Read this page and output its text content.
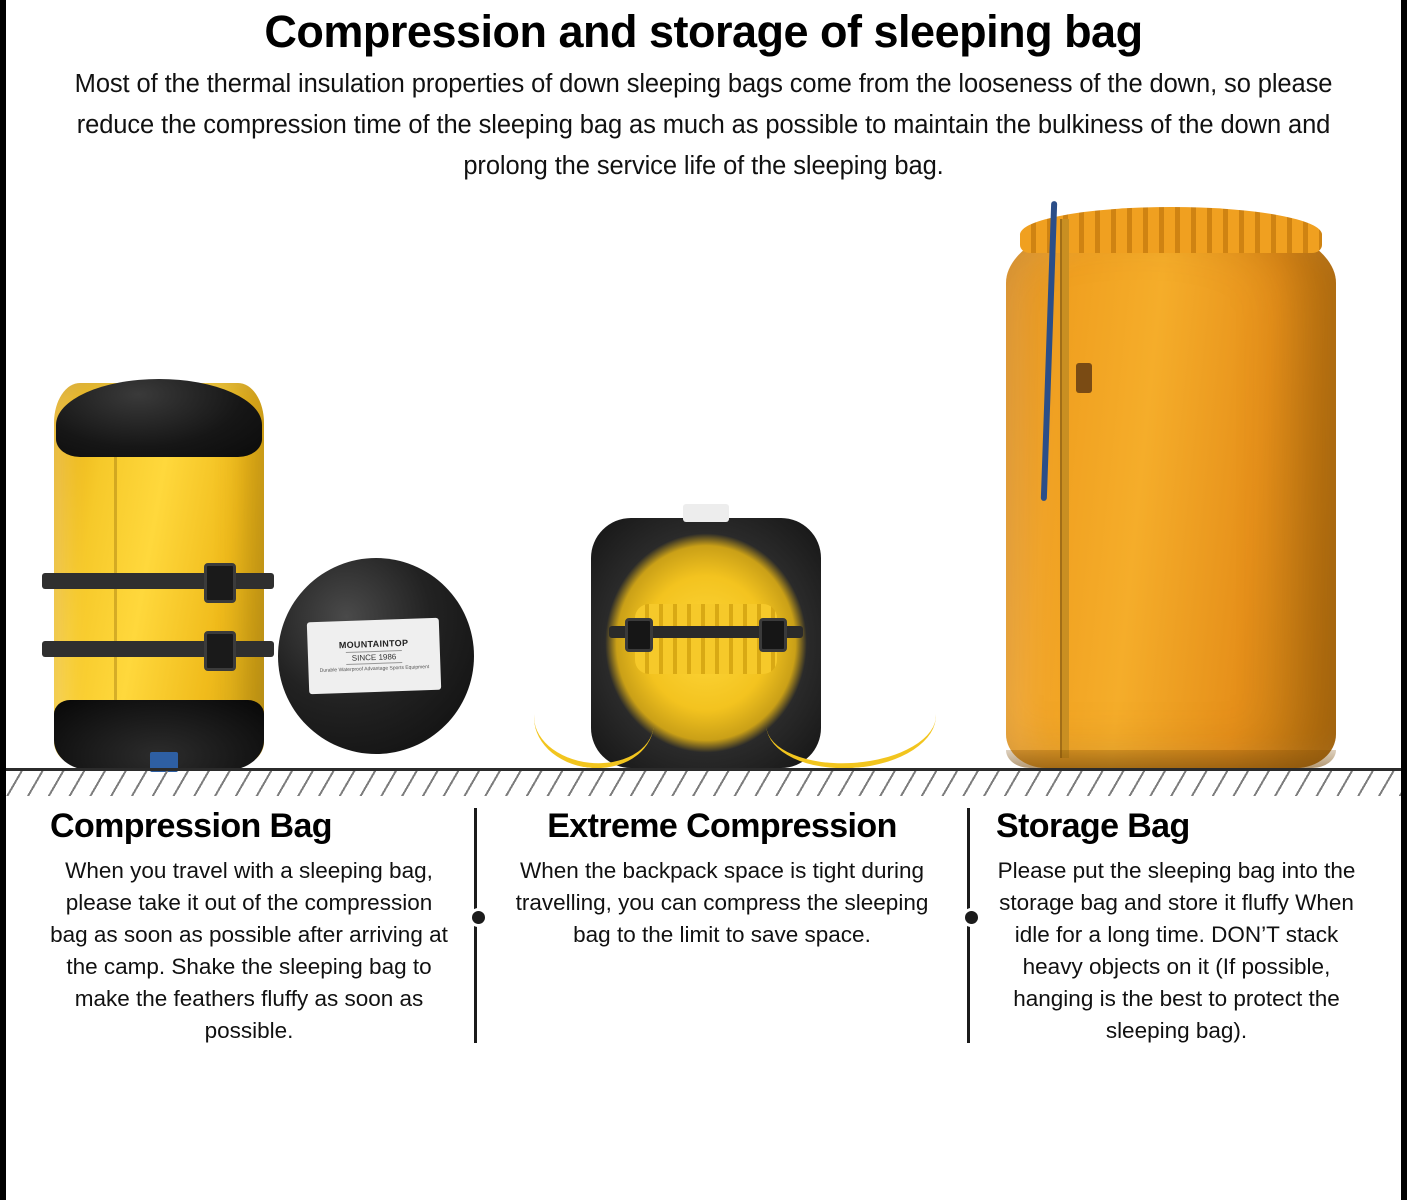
Compression and storage of sleeping bag
Most of the thermal insulation properties of down sleeping bags come from the looseness of the down, so please reduce the compression time of the sleeping bag as much as possible to maintain the bulkiness of the down and prolong the service life of the sleeping bag.
MOUNTAINTOP
SINCE 1986
Durable Waterproof Advantage Sports Equipment
Compression Bag
When you travel with a sleeping bag, please take it out of the compression bag as soon as possible after arriving at the camp. Shake the sleeping bag to make the feathers fluffy as soon as possible.
Extreme Compression
When the backpack space is tight during travelling, you can compress the sleeping bag to the limit to save space.
Storage Bag
Please put the sleeping bag into the storage bag and store it fluffy When idle for a long time. DON’T stack heavy objects on it (If possible, hanging is the best to protect the sleeping bag).
